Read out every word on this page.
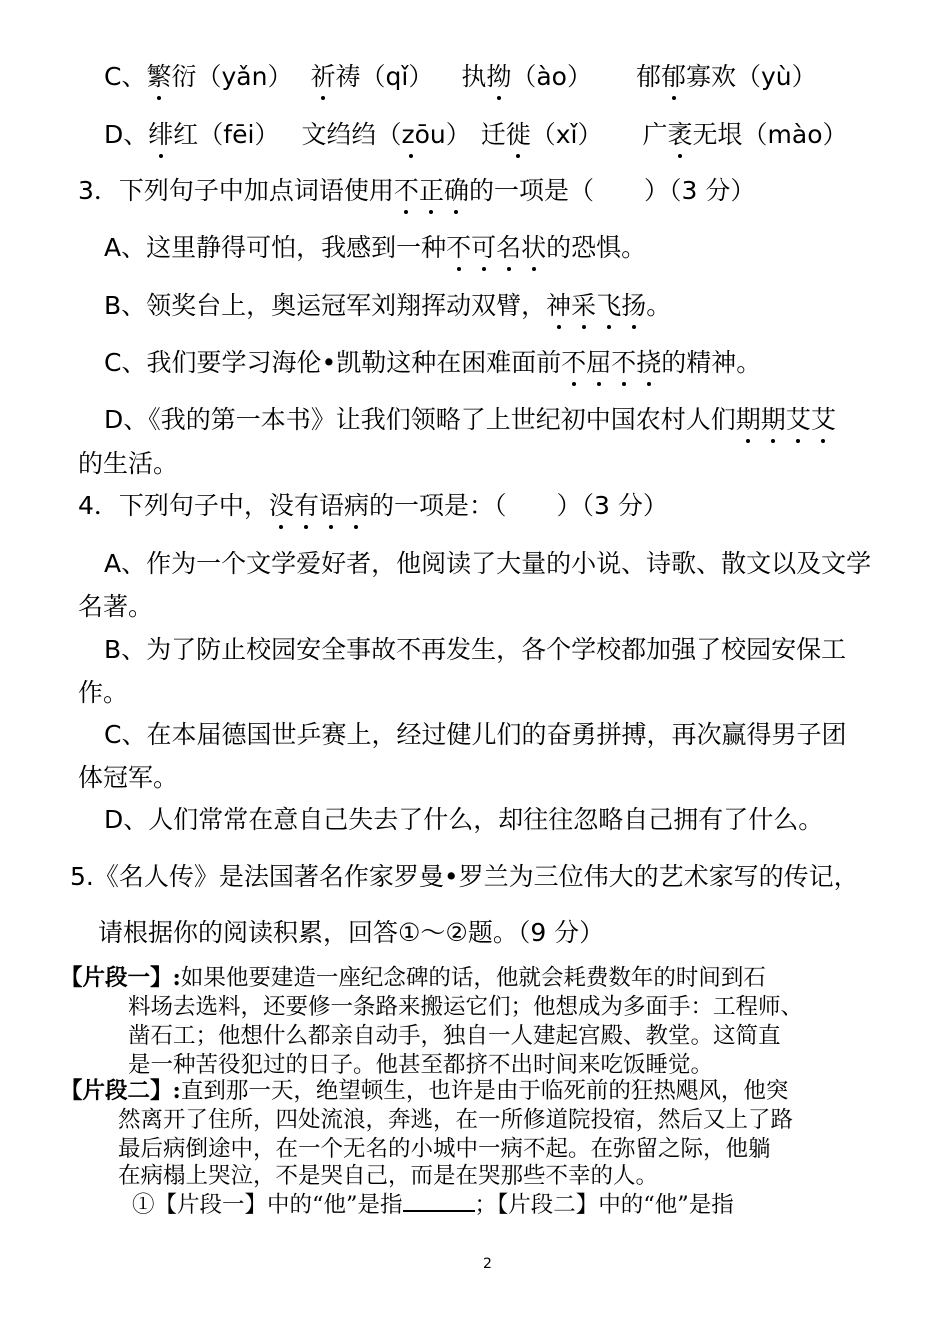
C、繁衍（yǎn） 祈祷（qǐ） 执拗（ào） 郁郁寡欢（yù）
D、绯红（fēi） 文绉绉（zōu） 迁徙（xǐ） 广袤无垠（mào）
3．下列句子中加点词语使用不正确的一项是（　　）（3 分）
A、这里静得可怕，我感到一种不可名状的恐惧。
B、领奖台上，奥运冠军刘翔挥动双臂，神采飞扬。
C、我们要学习海伦•凯勒这种在困难面前不屈不挠的精神。
D、《我的第一本书》让我们领略了上世纪初中国农村人们期期艾艾
的生活。
4．下列句子中，没有语病的一项是：（　　）（3 分）
A、作为一个文学爱好者，他阅读了大量的小说、诗歌、散文以及文学
名著。
B、为了防止校园安全事故不再发生，各个学校都加强了校园安保工
作。
C、在本届德国世乒赛上，经过健儿们的奋勇拼搏，再次赢得男子团
体冠军。
D、人们常常在意自己失去了什么，却往往忽略自己拥有了什么。
5.《名人传》是法国著名作家罗曼•罗兰为三位伟大的艺术家写的传记，
请根据你的阅读积累，回答①～②题。（9 分）
【片段一】:如果他要建造一座纪念碑的话，他就会耗费数年的时间到石
料场去选料，还要修一条路来搬运它们；他想成为多面手：工程师、
凿石工；他想什么都亲自动手，独自一人建起宫殿、教堂。这简直
是一种苦役犯过的日子。他甚至都挤不出时间来吃饭睡觉。
【片段二】:直到那一天，绝望顿生，也许是由于临死前的狂热飓风，他突
然离开了住所，四处流浪，奔逃，在一所修道院投宿，然后又上了路
最后病倒途中，在一个无名的小城中一病不起。在弥留之际，他躺
在病榻上哭泣，不是哭自己，而是在哭那些不幸的人。
①【片段一】中的“他”是指	；【片段二】中的“他”是指
2
